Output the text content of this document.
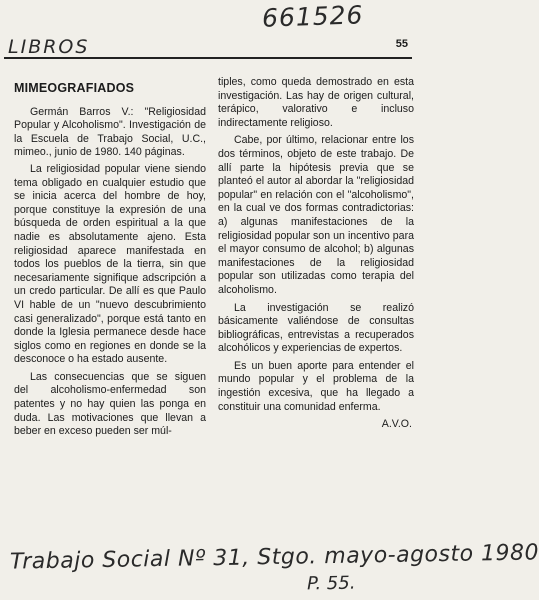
661526
LIBROS	55
MIMEOGRAFIADOS

Germán Barros V.: "Religiosidad Popular y Alcoholismo". Investigación de la Escuela de Trabajo Social, U.C., mimeo., junio de 1980. 140 páginas.

La religiosidad popular viene siendo tema obligado en cualquier estudio que se inicia acerca del hombre de hoy, porque constituye la expresión de una búsqueda de orden espiritual a la que nadie es absolutamente ajeno. Esta religiosidad aparece manifestada en todos los pueblos de la tierra, sin que necesariamente signifique adscripción a un credo particular. De allí es que Paulo VI hable de un "nuevo descubrimiento casi generalizado", porque está tanto en donde la Iglesia permanece desde hace siglos como en regiones en donde se la desconoce o ha estado ausente.

Las consecuencias que se siguen del alcoholismo-enfermedad son patentes y no hay quien las ponga en duda. Las motivaciones que llevan a beber en exceso pueden ser múl-

tiples, como queda demostrado en esta investigación. Las hay de origen cultural, terápico, valorativo e incluso indirectamente religioso.

Cabe, por último, relacionar entre los dos términos, objeto de este trabajo. De allí parte la hipótesis previa que se planteó el autor al abordar la "religiosidad popular" en relación con el "alcoholismo", en la cual ve dos formas contradictorias: a) algunas manifestaciones de la religiosidad popular son un incentivo para el mayor consumo de alcohol; b) algunas manifestaciones de la religiosidad popular son utilizadas como terapia del alcoholismo.

La investigación se realizó básicamente valiéndose de consultas bibliográficas, entrevistas a recuperados alcohólicos y experiencias de expertos.

Es un buen aporte para entender el mundo popular y el problema de la ingestión excesiva, que ha llegado a constituir una comunidad enferma.

A.V.O.
Trabajo Social Nº 31, Stgo. mayo-agosto 1980
P. 55.
